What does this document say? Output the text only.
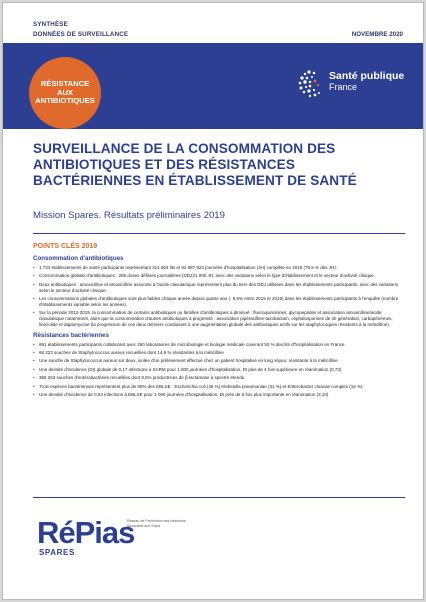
SYNTHÈSE
DONNÉES DE SURVEILLANCE	NOVEMBRE 2020
RÉSISTANCE AUX ANTIBIOTIQUES
Santé publique
France
SURVEILLANCE DE LA CONSOMMATION DES ANTIBIOTIQUES ET DES RÉSISTANCES BACTÉRIENNES EN ÉTABLISSEMENT DE SANTÉ
Mission Spares. Résultats préliminaires 2019
POINTS CLÉS 2019
Consommation d'antibiotiques
• 1 734 établissements de santé participants représentant 314 563 lits et 92 687 923 journées d'hospitalisation (JH) complète en 2019 (79,5 % des JH).
• Consommation globale d'antibiotiques : 285 doses définies journalières (DDJ)/1 000 JH, avec des variations selon le type d'établissement et le secteur d'activité clinique.
• Deux antibiotiques : amoxicilline et amoxicilline associée à l'acide clavulanique représentent plus du tiers des DDJ utilisées dans les établissements participants, avec des variations selon le secteur d'activité clinique.
• Les consommations globales d'antibiotiques sont plus faibles chaque année depuis quatre ans (- 9,6% entre 2015 et 2019) dans les établissements participants à l'enquête (nombre d'établissements variable selon les années).
• Sur la période 2012-2019, la consommation de certains antibiotiques ou familles d'antibiotiques a diminué : fluoroquinolones, glycopeptides et association amoxicilline/acide clavulanique notamment, alors que la consommation d'autres antibiotiques a progressé : association pipéracilline-tazobactam, céphalosporines de 3e génération, carbapénèmes, linézolide et daptomycine (la progression de ces deux derniers conduisant à une augmentation globale des antibiotiques actifs sur les staphylocoques résistants à la méticilline).
Résistances bactériennes
• 991 établissements participants collaborant avec 460 laboratoires de microbiologie et biologie médicale couvrant 50 % des lits d'hospitalisation en France
• 68 223 souches de Staphylococcus aureus recueillies dont 14,9 % résistantes à la méticilline
• Une souche de Staphylococcus aureus sur deux, isolée d'un prélèvement effectué chez un patient hospitalisé en long séjour, résistante à la méticilline
• Une densité d'incidence (DI) globale de 0,17 infections à SARM pour 1 000 journées d'hospitalisation, DI plus de 4 fois supérieure en réanimation (0,73)
• 366 263 souches d'entérobactéries recueillies dont 8,5% productrices de β-lactamase à spectre étendu
• Trois espèces bactériennes représentent plus de 90% des EBLSE : Escherichia coli (48 %) Klebsiella pneumoniae (31 %) et Enterobacter cloacae complex (16 %)
• Une densité d'incidence de 0,53 infections à EBLSE pour 1 000 journées d'hospitalisation, DI près de 6 fois plus importante en réanimation (3,10)
RéPias
SPARES
Réseau de Prévention des Infections Associées aux Soins
